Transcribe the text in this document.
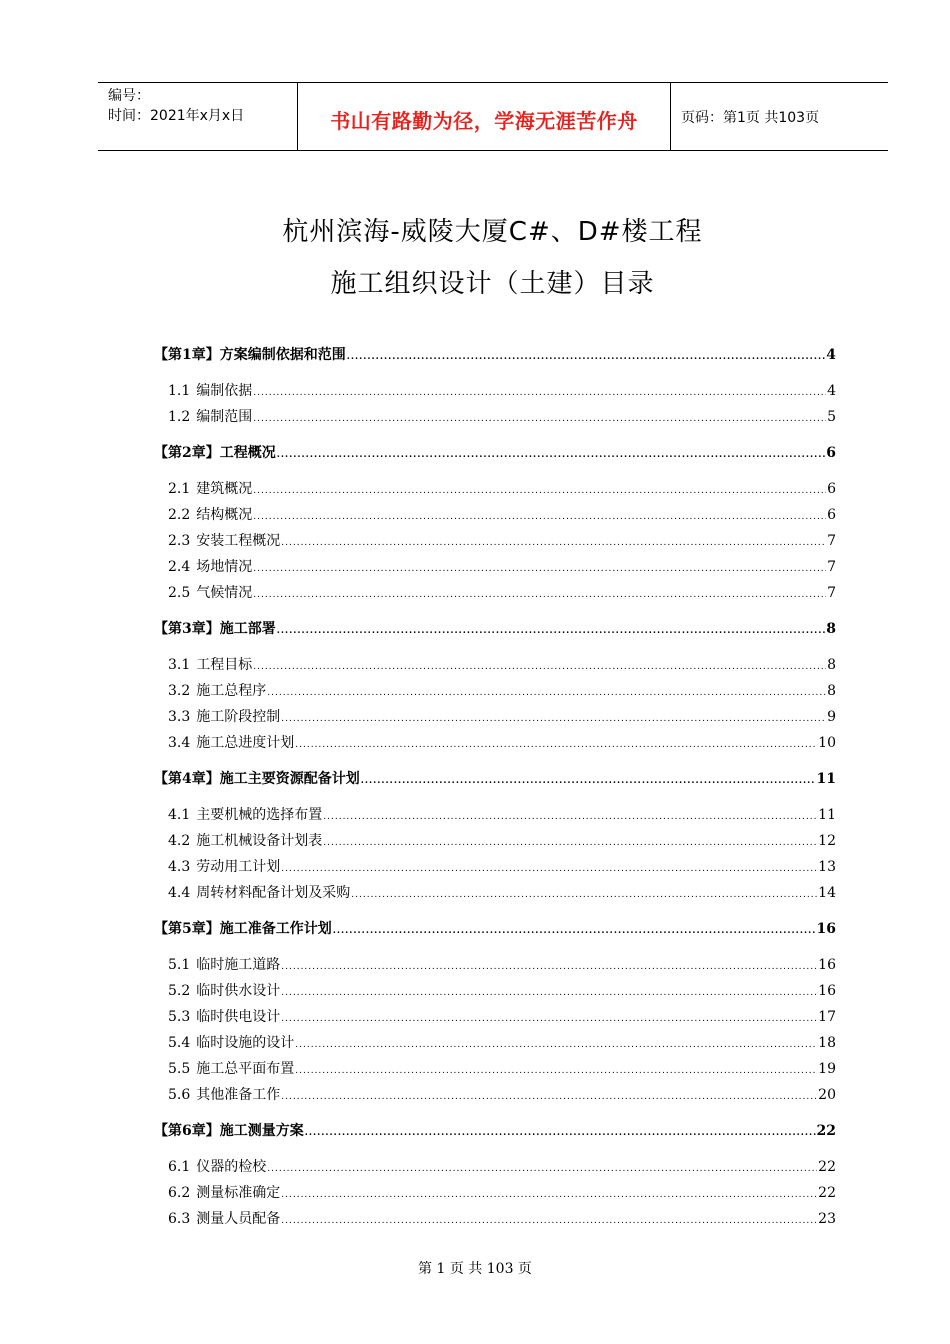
编号：
时间：2021年x月x日	书山有路勤为径，学海无涯苦作舟	页码：第1页 共103页
杭州滨海-威陵大厦C#、D#楼工程
施工组织设计（土建）目录
【第1章】 方案编制依据和范围 .....	4
1.1 编制依据 .....	4
1.2 编制范围 .....	5
【第2章】 工程概况 .....	6
2.1 建筑概况 .....	6
2.2 结构概况 .....	6
2.3 安装工程概况 .....	7
2.4 场地情况 .....	7
2.5 气候情况 .....	7
【第3章】 施工部署 .....	8
3.1 工程目标 .....	8
3.2 施工总程序 .....	8
3.3 施工阶段控制 .....	9
3.4 施工总进度计划 .....	10
【第4章】 施工主要资源配备计划 .....	11
4.1 主要机械的选择布置 .....	11
4.2 施工机械设备计划表 .....	12
4.3 劳动用工计划 .....	13
4.4 周转材料配备计划及采购 .....	14
【第5章】 施工准备工作计划 .....	16
5.1 临时施工道路 .....	16
5.2 临时供水设计 .....	16
5.3 临时供电设计 .....	17
5.4 临时设施的设计 .....	18
5.5 施工总平面布置 .....	19
5.6 其他准备工作 .....	20
【第6章】 施工测量方案 .....	22
6.1 仪器的检校 .....	22
6.2 测量标准确定 .....	22
6.3 测量人员配备 .....	23
第 1 页 共 103 页
